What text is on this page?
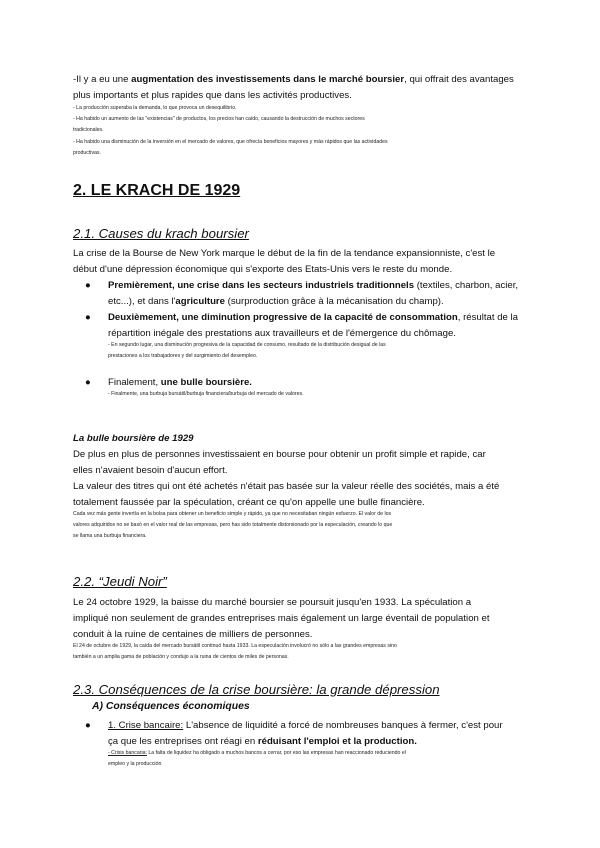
-Il y a eu une augmentation des investissements dans le marché boursier, qui offrait des avantages
plus importants et plus rapides que dans les activités productives.
- La producción superaba la demanda, lo que provoca un desequilibrio.
- Ha habido un aumento de las "existencias" de productos, los precios han caído, causando la destrucción de muchos sectores
tradicionales.
- Ha habido una disminución de la inversión en el mercado de valores, que ofrecía beneficios mayores y más rápidos que las actividades
productivas.
2. LE KRACH DE 1929
2.1. Causes du krach boursier
La crise de la Bourse de New York marque le début de la fin de la tendance expansionniste, c'est le
début d'une dépression économique qui s'exporte des Etats-Unis vers le reste du monde.
● Premièrement, une crise dans les secteurs industriels traditionnels (textiles, charbon, acier,
etc...), et dans l'agriculture (surproduction grâce à la mécanisation du champ).
● Deuxièmement, une diminution progressive de la capacité de consommation, résultat de la
répartition inégale des prestations aux travailleurs et de l'émergence du chômage.
- En segundo lugar, una disminución progresiva de la capacidad de consumo, resultado de la distribución desigual de las
prestaciones a los trabajadores y del surgimiento del desempleo.
● Finalement, une bulle boursière.
- Finalmente, una burbuja bursátil/burbuja financiera/burbuja del mercado de valores.
La bulle boursière de 1929
De plus en plus de personnes investissaient en bourse pour obtenir un profit simple et rapide, car
elles n'avaient besoin d'aucun effort.
La valeur des titres qui ont été achetés n'était pas basée sur la valeur réelle des sociétés, mais a été
totalement faussée par la spéculation, créant ce qu'on appelle une bulle financière.
Cada vez más gente invertía en la bolsa para obtener un beneficio simple y rápido, ya que no necesitaban ningún esfuerzo. El valor de los
valores adquiridos no se basó en el valor real de las empresas, pero has sido totalmente distorsionado por la especulación, creando lo que
se llama una burbuja financiera.
2.2. “Jeudi Noir”
Le 24 octobre 1929, la baisse du marché boursier se poursuit jusqu'en 1933. La spéculation a
impliqué non seulement de grandes entreprises mais également un large éventail de population et
conduit à la ruine de centaines de milliers de personnes.
El 24 de octubre de 1929, la caída del mercado bursátil continuó hasta 1933. La especulación involucró no sólo a las grandes empresas sino
también a un amplia gama de población y condujo a la ruina de cientos de miles de personas.
2.3. Conséquences de la crise boursière: la grande dépression
A) Conséquences économiques
● 1. Crise bancaire: L'absence de liquidité a forcé de nombreuses banques à fermer, c'est pour
ça que les entreprises ont réagi en réduisant l'emploi et la production.
- Crisis bancaria: La falta de liquidez ha obligado a muchos bancos a cerrar, por eso las empresas han reaccionado reduciendo el
empleo y la producción
